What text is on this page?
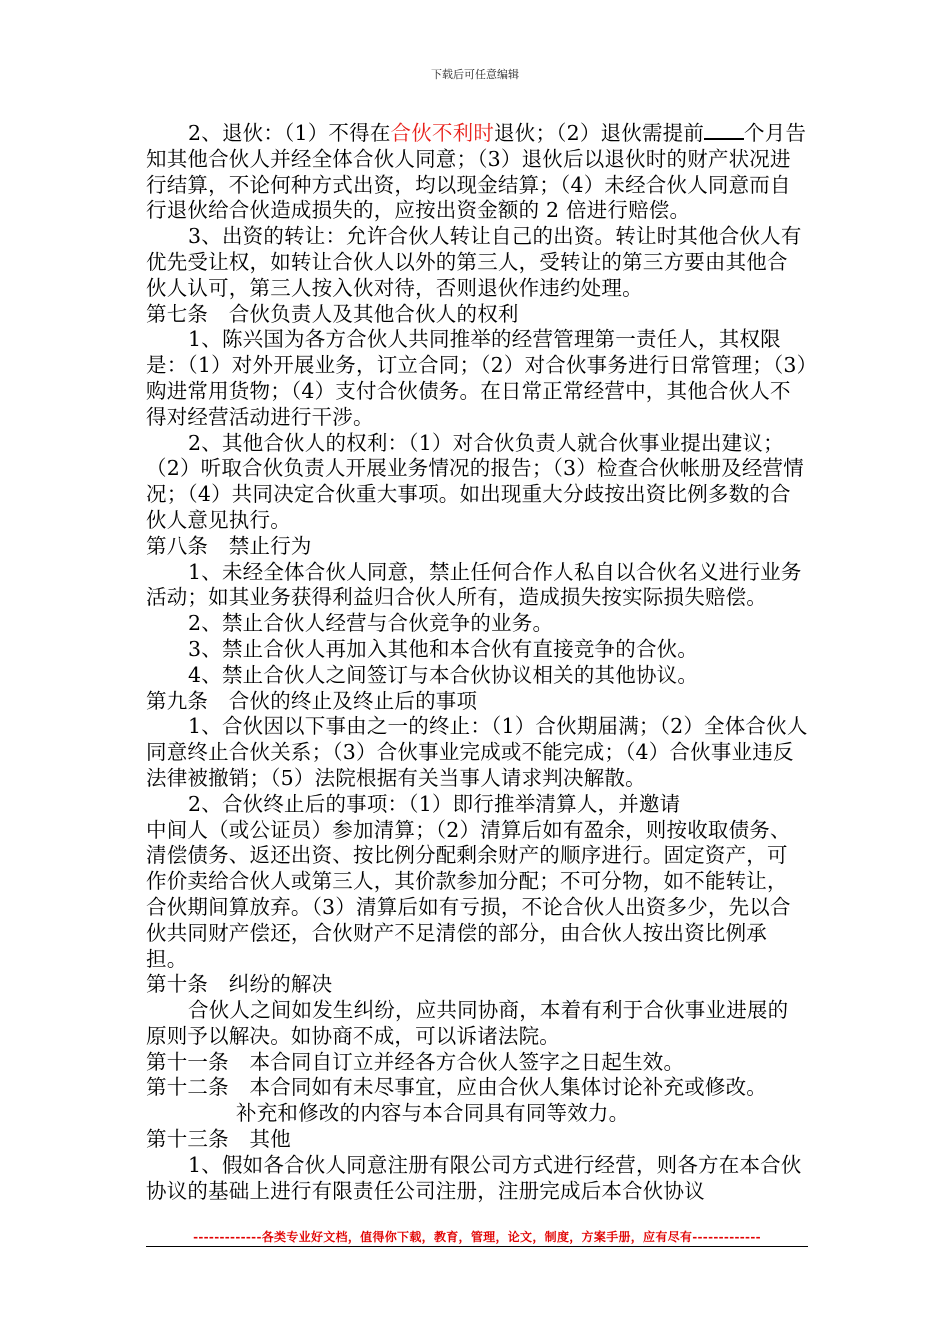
下载后可任意编辑

2、退伙：（1）不得在合伙不利时退伙；（2）退伙需提前 个月告知其他合伙人并经全体合伙人同意；（3）退伙后以退伙时的财产状况进行结算，不论何种方式出资，均以现金结算；（4）未经合伙人同意而自行退伙给合伙造成损失的，应按出资金额的 2 倍进行赔偿。

3、出资的转让：允许合伙人转让自己的出资。转让时其他合伙人有优先受让权，如转让合伙人以外的第三人，受转让的第三方要由其他合伙人认可，第三人按入伙对待，否则退伙作违约处理。

第七条　合伙负责人及其他合伙人的权利

1、陈兴国为各方合伙人共同推举的经营管理第一责任人，其权限是：（1）对外开展业务，订立合同；（2）对合伙事务进行日常管理；（3）购进常用货物；（4）支付合伙债务。在日常正常经营中，其他合伙人不得对经营活动进行干涉。

2、其他合伙人的权利：（1）对合伙负责人就合伙事业提出建议；（2）听取合伙负责人开展业务情况的报告；（3）检查合伙帐册及经营情况；（4）共同决定合伙重大事项。如出现重大分歧按出资比例多数的合伙人意见执行。

第八条　禁止行为

1、未经全体合伙人同意，禁止任何合作人私自以合伙名义进行业务活动；如其业务获得利益归合伙人所有，造成损失按实际损失赔偿。

2、禁止合伙人经营与合伙竞争的业务。

3、禁止合伙人再加入其他和本合伙有直接竞争的合伙。

4、禁止合伙人之间签订与本合伙协议相关的其他协议。

第九条　合伙的终止及终止后的事项

1、合伙因以下事由之一的终止：（1）合伙期届满；（2）全体合伙人同意终止合伙关系；（3）合伙事业完成或不能完成；（4）合伙事业违反法律被撤销；（5）法院根据有关当事人请求判决解散。

2、合伙终止后的事项：（1）即行推举清算人，并邀请

中间人（或公证员）参加清算；（2）清算后如有盈余，则按收取债务、清偿债务、返还出资、按比例分配剩余财产的顺序进行。固定资产，可作价卖给合伙人或第三人，其价款参加分配；不可分物，如不能转让，合伙期间算放弃。（3）清算后如有亏损，不论合伙人出资多少，先以合伙共同财产偿还，合伙财产不足清偿的部分，由合伙人按出资比例承担。

第十条　纠纷的解决

合伙人之间如发生纠纷，应共同协商，本着有利于合伙事业进展的原则予以解决。如协商不成，可以诉诸法院。

第十一条　本合同自订立并经各方合伙人签字之日起生效。

第十二条　本合同如有未尽事宜，应由合伙人集体讨论补充或修改。

补充和修改的内容与本合同具有同等效力。

第十三条　其他

1、假如各合伙人同意注册有限公司方式进行经营，则各方在本合伙协议的基础上进行有限责任公司注册，注册完成后本合伙协议

-------------各类专业好文档，值得你下载，教育，管理，论文，制度，方案手册，应有尽有-------------
